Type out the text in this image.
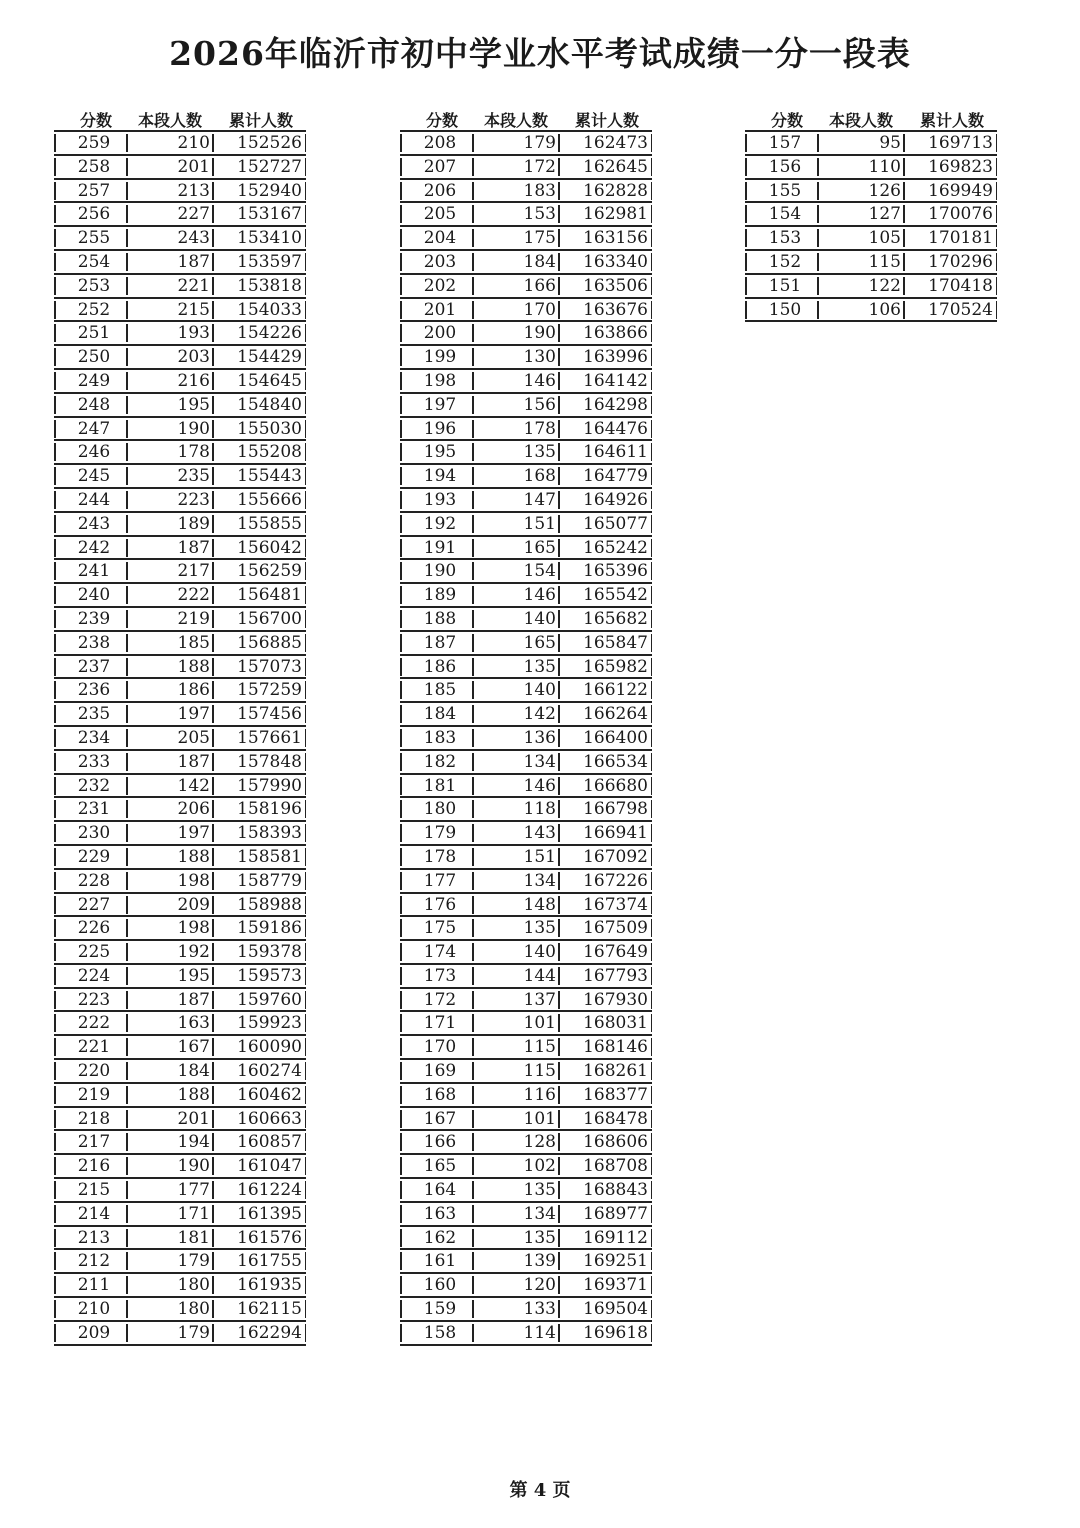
2026年临沂市初中学业水平考试成绩一分一段表
分数	本段人数	累计人数
259	210	152526
258	201	152727
257	213	152940
256	227	153167
255	243	153410
254	187	153597
253	221	153818
252	215	154033
251	193	154226
250	203	154429
249	216	154645
248	195	154840
247	190	155030
246	178	155208
245	235	155443
244	223	155666
243	189	155855
242	187	156042
241	217	156259
240	222	156481
239	219	156700
238	185	156885
237	188	157073
236	186	157259
235	197	157456
234	205	157661
233	187	157848
232	142	157990
231	206	158196
230	197	158393
229	188	158581
228	198	158779
227	209	158988
226	198	159186
225	192	159378
224	195	159573
223	187	159760
222	163	159923
221	167	160090
220	184	160274
219	188	160462
218	201	160663
217	194	160857
216	190	161047
215	177	161224
214	171	161395
213	181	161576
212	179	161755
211	180	161935
210	180	162115
209	179	162294
分数	本段人数	累计人数
208	179	162473
207	172	162645
206	183	162828
205	153	162981
204	175	163156
203	184	163340
202	166	163506
201	170	163676
200	190	163866
199	130	163996
198	146	164142
197	156	164298
196	178	164476
195	135	164611
194	168	164779
193	147	164926
192	151	165077
191	165	165242
190	154	165396
189	146	165542
188	140	165682
187	165	165847
186	135	165982
185	140	166122
184	142	166264
183	136	166400
182	134	166534
181	146	166680
180	118	166798
179	143	166941
178	151	167092
177	134	167226
176	148	167374
175	135	167509
174	140	167649
173	144	167793
172	137	167930
171	101	168031
170	115	168146
169	115	168261
168	116	168377
167	101	168478
166	128	168606
165	102	168708
164	135	168843
163	134	168977
162	135	169112
161	139	169251
160	120	169371
159	133	169504
158	114	169618
分数	本段人数	累计人数
157	95	169713
156	110	169823
155	126	169949
154	127	170076
153	105	170181
152	115	170296
151	122	170418
150	106	170524
第 4 页
